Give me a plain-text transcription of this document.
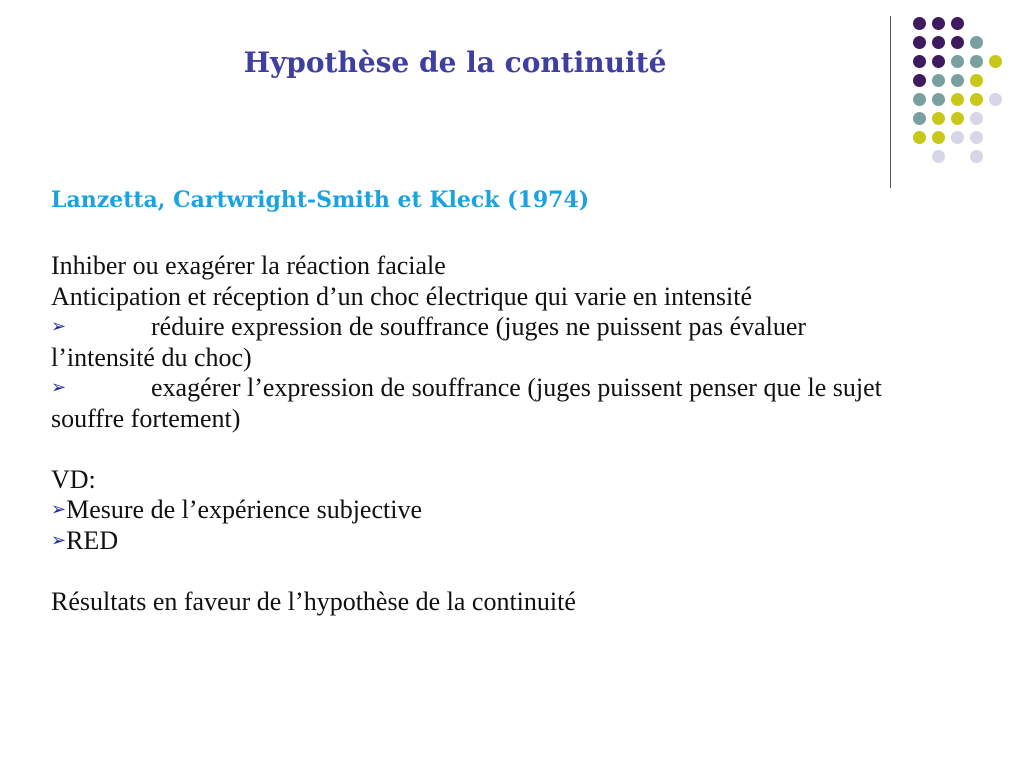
Hypothèse de la continuité

Lanzetta, Cartwright-Smith et Kleck (1974)

Inhiber ou exagérer la réaction faciale

Anticipation et réception d’un choc électrique qui varie en intensité

➢	réduire expression de souffrance (juges ne puissent pas évaluer l’intensité du choc)

➢	exagérer l’expression de souffrance (juges puissent penser que le sujet souffre fortement)

VD:

➢Mesure de l’expérience subjective

➢RED

Résultats en faveur de l’hypothèse de la continuité
